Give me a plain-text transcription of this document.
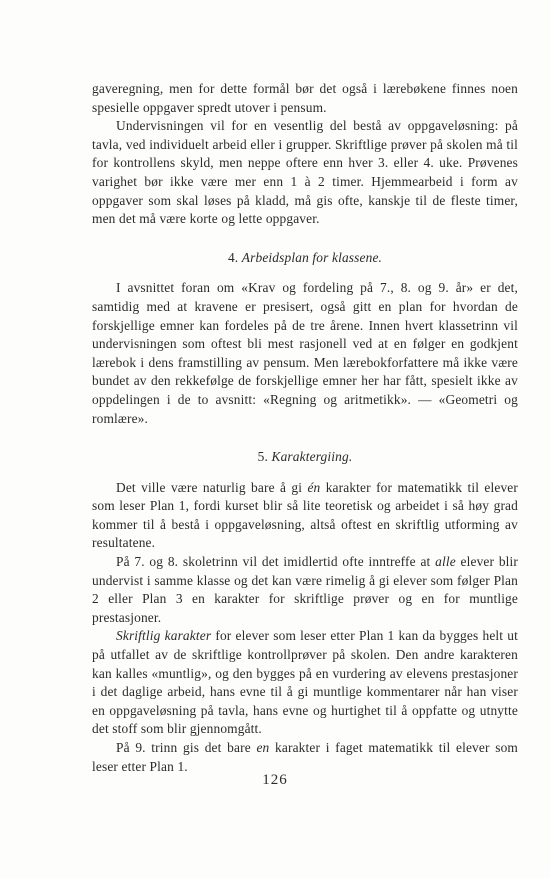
gaveregning, men for dette formål bør det også i lærebøkene finnes noen spesielle oppgaver spredt utover i pensum.

Undervisningen vil for en vesentlig del bestå av oppgaveløsning: på tavla, ved individuelt arbeid eller i grupper. Skriftlige prøver på skolen må til for kontrollens skyld, men neppe oftere enn hver 3. eller 4. uke. Prøvenes varighet bør ikke være mer enn 1 à 2 timer. Hjemmearbeid i form av oppgaver som skal løses på kladd, må gis ofte, kanskje til de fleste timer, men det må være korte og lette oppgaver.

4. Arbeidsplan for klassene.

I avsnittet foran om «Krav og fordeling på 7., 8. og 9. år» er det, samtidig med at kravene er presisert, også gitt en plan for hvordan de forskjellige emner kan fordeles på de tre årene. Innen hvert klassetrinn vil undervisningen som oftest bli mest rasjonell ved at en følger en godkjent lærebok i dens framstilling av pensum. Men lærebokforfattere må ikke være bundet av den rekkefølge de forskjellige emner her har fått, spesielt ikke av oppdelingen i de to avsnitt: «Regning og aritmetikk». — «Geometri og romlære».

5. Karaktergiing.

Det ville være naturlig bare å gi én karakter for matematikk til elever som leser Plan 1, fordi kurset blir så lite teoretisk og arbeidet i så høy grad kommer til å bestå i oppgaveløsning, altså oftest en skriftlig utforming av resultatene.

På 7. og 8. skoletrinn vil det imidlertid ofte inntreffe at alle elever blir undervist i samme klasse og det kan være rimelig å gi elever som følger Plan 2 eller Plan 3 en karakter for skriftlige prøver og en for muntlige prestasjoner.

Skriftlig karakter for elever som leser etter Plan 1 kan da bygges helt ut på utfallet av de skriftlige kontrollprøver på skolen. Den andre karakteren kan kalles «muntlig», og den bygges på en vurdering av elevens prestasjoner i det daglige arbeid, hans evne til å gi muntlige kommentarer når han viser en oppgaveløsning på tavla, hans evne og hurtighet til å oppfatte og utnytte det stoff som blir gjennomgått.

På 9. trinn gis det bare en karakter i faget matematikk til elever som leser etter Plan 1.

126
